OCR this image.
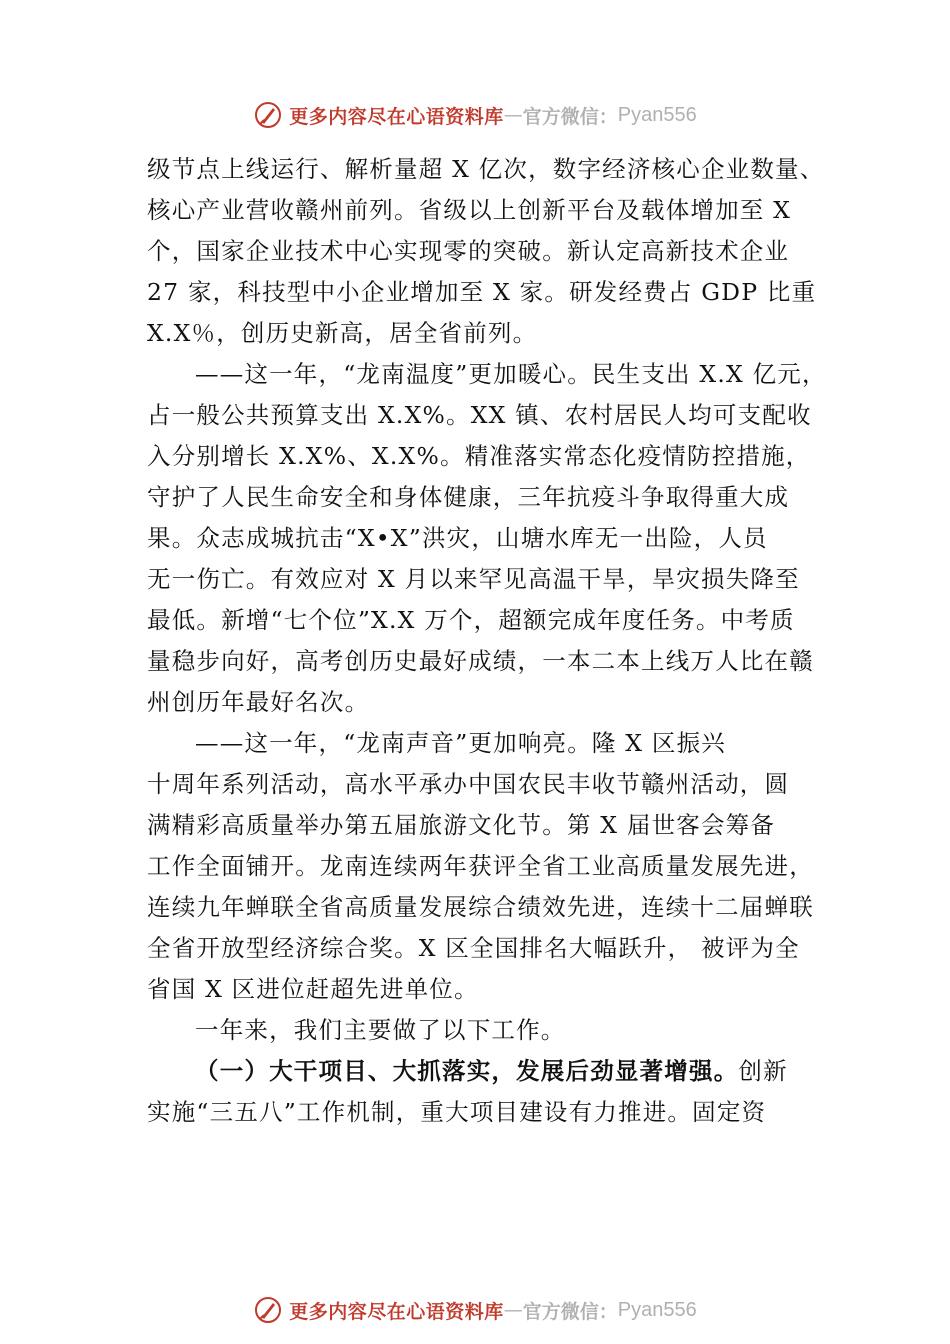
更多内容尽在心语资料库 — 官方微信： Pyan556
级节点上线运行、解析量超 X 亿次，数字经济核心企业数量、
核心产业营收赣州前列。省级以上创新平台及载体增加至 X
个，国家企业技术中心实现零的突破。新认定高新技术企业
27 家，科技型中小企业增加至 X 家。研发经费占 GDP 比重
X.X％，创历史新高，居全省前列。
——这一年，“龙南温度”更加暖心。民生支出 X.X 亿元，
占一般公共预算支出 X.X%。XX 镇、农村居民人均可支配收
入分别增长 X.X%、X.X%。精准落实常态化疫情防控措施，
守护了人民生命安全和身体健康，三年抗疫斗争取得重大成
果。众志成城抗击“X•X”洪灾，山塘水库无一出险，人员
无一伤亡。有效应对 X 月以来罕见高温干旱，旱灾损失降至
最低。新增“七个位”X.X 万个，超额完成年度任务。中考质
量稳步向好，高考创历史最好成绩，一本二本上线万人比在赣
州创历年最好名次。
——这一年，“龙南声音”更加响亮。隆 X 区振兴
十周年系列活动，高水平承办中国农民丰收节赣州活动，圆
满精彩高质量举办第五届旅游文化节。第 X 届世客会筹备
工作全面铺开。龙南连续两年获评全省工业高质量发展先进，
连续九年蝉联全省高质量发展综合绩效先进，连续十二届蝉联
全省开放型经济综合奖。X 区全国排名大幅跃升， 被评为全
省国 X 区进位赶超先进单位。
一年来，我们主要做了以下工作。
（一）大干项目、大抓落实，发展后劲显著增强。创新
实施“三五八”工作机制，重大项目建设有力推进。固定资
更多内容尽在心语资料库 — 官方微信： Pyan556
